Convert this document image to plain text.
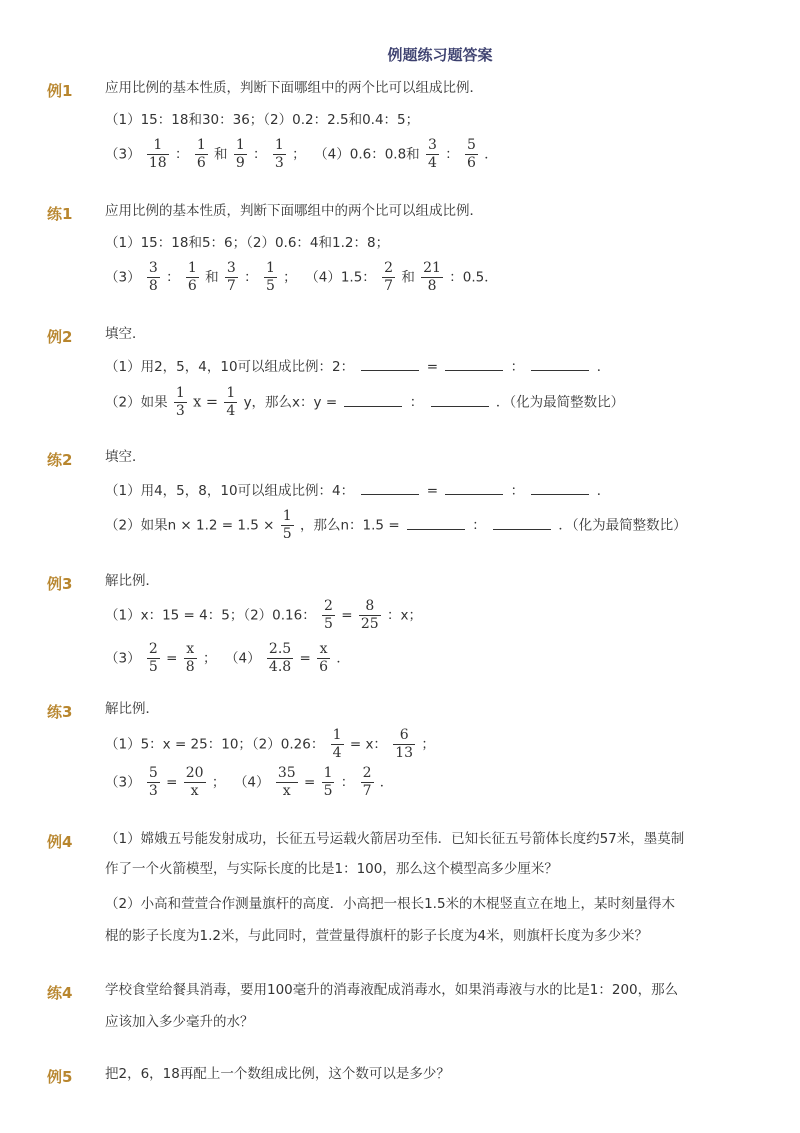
例题练习题答案
例1 应用比例的基本性质，判断下面哪组中的两个比可以组成比例．
（1）15：18和30：36；（2）0.2：2.5和0.4：5；
$(3) \frac{1}{18}$ ： $\frac{1}{6}$ 和 $\frac{1}{9}$ ： $\frac{1}{3}$ ； （4）0.6：0.8和 $\frac{3}{4}$ ： $\frac{5}{6}$ ．
练1 应用比例的基本性质，判断下面哪组中的两个比可以组成比例．
（1）15：18和5：6；（2）0.6：4和1.2：8；
$(3) \frac{3}{8}$ ： $\frac{1}{6}$ 和 $\frac{3}{7}$ ： $\frac{1}{5}$ ； （4）1.5： $\frac{2}{7}$ 和 $\frac{21}{8}$ ：0.5．
例2 填空．
（1）用2，5，4，10可以组成比例：2：	=	：	．
（2）如果 $\frac{1}{3}$ $x = \frac{1}{4}$ y，那么x：y =	：	．（化为最简整数比）
练2 填空．
（1）用4，5，8，10可以组成比例：4：	=	：	．
（2）如果$n \times 1.2 = 1.5 \times \frac{1}{5}$ ，那么n：1.5 =	：	．（化为最简整数比）
例3 解比例．
（1）x：15 = 4：5；（2）0.16： $\frac{2}{5} = \frac{8}{25}$ ：x；
$(3) \frac{2}{5} = \frac{x}{8}$ ； $(4) \frac{2.5}{4.8} = \frac{x}{6}$ ．
练3 解比例．
（1）5：x = 25：10；（2）0.26： $\frac{1}{4} = x$： $\frac{6}{13}$ ；
$(3) \frac{5}{3} = \frac{20}{x}$ ； $(4) \frac{35}{x} = \frac{1}{5}$ ： $\frac{2}{7}$ ．
例4 （1）嫦娥五号能发射成功，长征五号运载火箭居功至伟．已知长征五号箭体长度约57米，墨莫制
作了一个火箭模型，与实际长度的比是1：100，那么这个模型高多少厘米？
（2）小高和萱萱合作测量旗杆的高度．小高把一根长1.5米的木棍竖直立在地上，某时刻量得木
棍的影子长度为1.2米，与此同时，萱萱量得旗杆的影子长度为4米，则旗杆长度为多少米？
练4 学校食堂给餐具消毒，要用100毫升的消毒液配成消毒水，如果消毒液与水的比是1：200，那么
应该加入多少毫升的水？
例5 把2，6，18再配上一个数组成比例，这个数可以是多少？
